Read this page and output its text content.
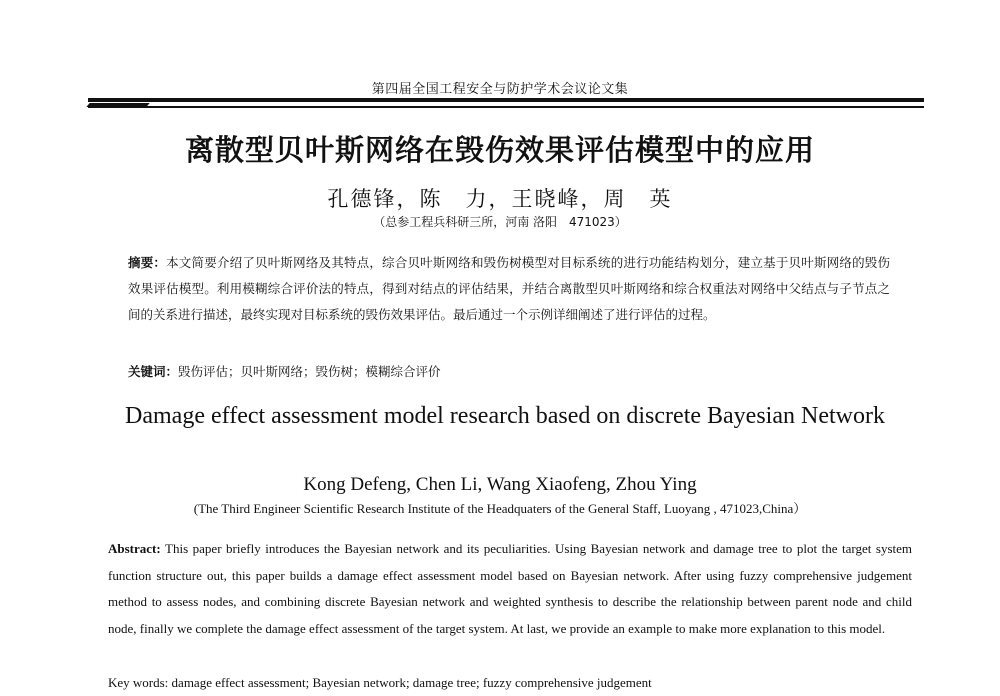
第四届全国工程安全与防护学术会议论文集
离散型贝叶斯网络在毁伤效果评估模型中的应用
孔德锋，陈　力，王晓峰，周　英
（总参工程兵科研三所，河南 洛阳　471023）
摘要：本文简要介绍了贝叶斯网络及其特点，综合贝叶斯网络和毁伤树模型对目标系统的进行功能结构划分，建立基于贝叶斯网络的毁伤效果评估模型。利用模糊综合评价法的特点，得到对结点的评估结果，并结合离散型贝叶斯网络和综合权重法对网络中父结点与子节点之间的关系进行描述，最终实现对目标系统的毁伤效果评估。最后通过一个示例详细阐述了进行评估的过程。
关键词：毁伤评估；贝叶斯网络；毁伤树；模糊综合评价
Damage effect assessment model research based on discrete Bayesian Network
Kong Defeng, Chen Li, Wang Xiaofeng, Zhou Ying
(The Third Engineer Scientific Research Institute of the Headquaters of the General Staff, Luoyang , 471023,China）
Abstract: This paper briefly introduces the Bayesian network and its peculiarities. Using Bayesian network and damage tree to plot the target system function structure out, this paper builds a damage effect assessment model based on Bayesian network. After using fuzzy comprehensive judgement method to assess nodes, and combining discrete Bayesian network and weighted synthesis to describe the relationship between parent node and child node, finally we complete the damage effect assessment of the target system. At last, we provide an example to make more explanation to this model.
Key words: damage effect assessment; Bayesian network; damage tree; fuzzy comprehensive judgement
